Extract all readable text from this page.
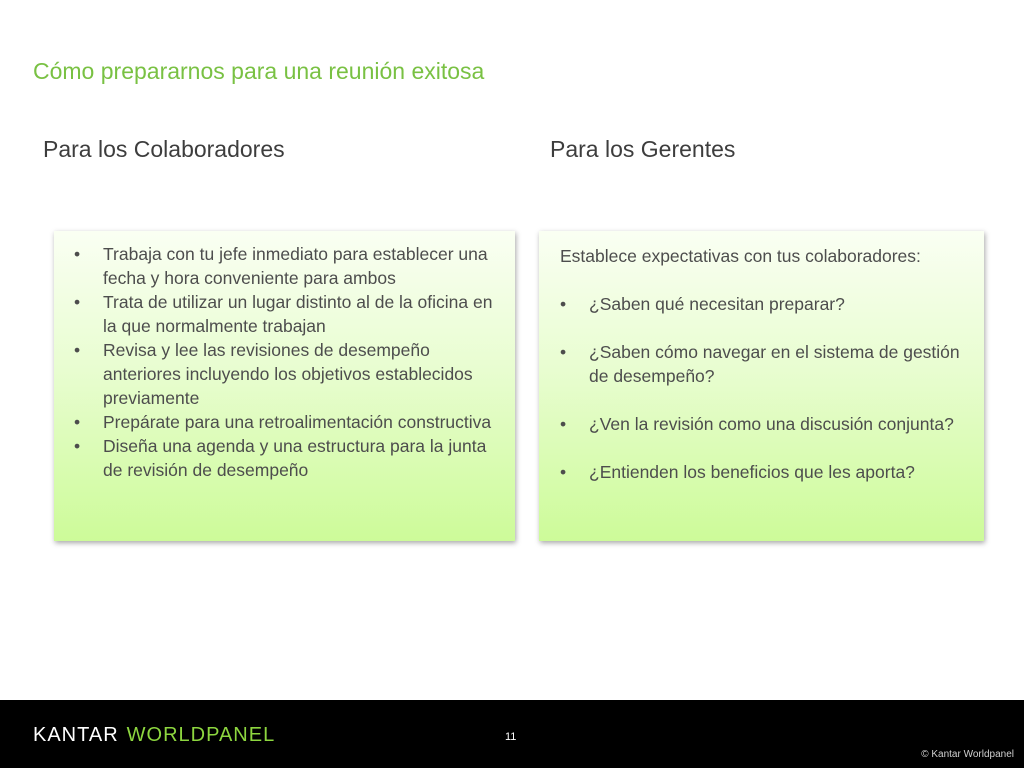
Cómo prepararnos para una reunión exitosa
Para los Colaboradores	Para los Gerentes
•	Trabaja con tu jefe inmediato para establecer una fecha y hora conveniente para ambos
•	Trata de utilizar un lugar distinto al de la oficina en la que normalmente trabajan
•	Revisa y lee las revisiones de desempeño anteriores incluyendo los objetivos establecidos previamente
•	Prepárate para una retroalimentación constructiva
•	Diseña una agenda y una estructura para la junta de revisión de desempeño
Establece expectativas con tus colaboradores:
•	¿Saben qué necesitan preparar?
•	¿Saben cómo navegar en el sistema de gestión de desempeño?
•	¿Ven la revisión como una discusión conjunta?
•	¿Entienden los beneficios que les aporta?
KANTAR WORLDPANEL	11
© Kantar Worldpanel
